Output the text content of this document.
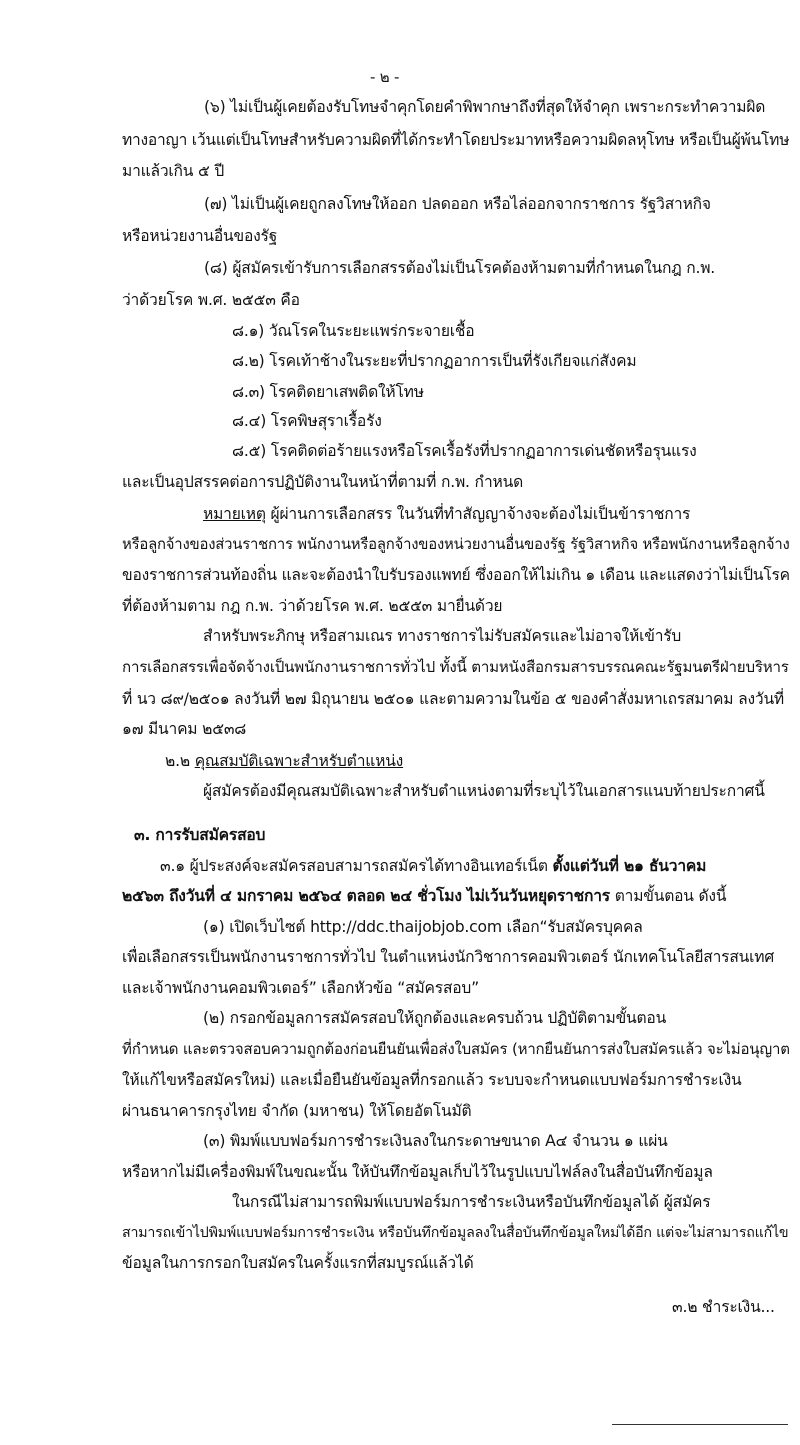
- ๒ -
(๖) ไม่เป็นผู้เคยต้องรับโทษจำคุกโดยคำพิพากษาถึงที่สุดให้จำคุก เพราะกระทำความผิด
ทางอาญา เว้นแต่เป็นโทษสำหรับความผิดที่ได้กระทำโดยประมาทหรือความผิดลหุโทษ หรือเป็นผู้พ้นโทษ
มาแล้วเกิน ๕ ปี
(๗) ไม่เป็นผู้เคยถูกลงโทษให้ออก ปลดออก หรือไล่ออกจากราชการ รัฐวิสาหกิจ
หรือหน่วยงานอื่นของรัฐ
(๘) ผู้สมัครเข้ารับการเลือกสรรต้องไม่เป็นโรคต้องห้ามตามที่กำหนดในกฎ ก.พ.
ว่าด้วยโรค พ.ศ. ๒๕๕๓ คือ
๘.๑) วัณโรคในระยะแพร่กระจายเชื้อ
๘.๒) โรคเท้าช้างในระยะที่ปรากฏอาการเป็นที่รังเกียจแก่สังคม
๘.๓) โรคติดยาเสพติดให้โทษ
๘.๔) โรคพิษสุราเรื้อรัง
๘.๕) โรคติดต่อร้ายแรงหรือโรคเรื้อรังที่ปรากฏอาการเด่นชัดหรือรุนแรง
และเป็นอุปสรรคต่อการปฏิบัติงานในหน้าที่ตามที่ ก.พ. กำหนด
หมายเหตุ ผู้ผ่านการเลือกสรร ในวันที่ทำสัญญาจ้างจะต้องไม่เป็นข้าราชการ
หรือลูกจ้างของส่วนราชการ พนักงานหรือลูกจ้างของหน่วยงานอื่นของรัฐ รัฐวิสาหกิจ หรือพนักงานหรือลูกจ้าง
ของราชการส่วนท้องถิ่น และจะต้องนำใบรับรองแพทย์ ซึ่งออกให้ไม่เกิน ๑ เดือน และแสดงว่าไม่เป็นโรค
ที่ต้องห้ามตาม กฎ ก.พ. ว่าด้วยโรค พ.ศ. ๒๕๕๓ มายื่นด้วย
สำหรับพระภิกษุ หรือสามเณร ทางราชการไม่รับสมัครและไม่อาจให้เข้ารับ
การเลือกสรรเพื่อจัดจ้างเป็นพนักงานราชการทั่วไป ทั้งนี้ ตามหนังสือกรมสารบรรณคณะรัฐมนตรีฝ่ายบริหาร
ที่ นว ๘๙/๒๕๐๑ ลงวันที่ ๒๗ มิถุนายน ๒๕๐๑ และตามความในข้อ ๕ ของคำสั่งมหาเถรสมาคม ลงวันที่
๑๗ มีนาคม ๒๕๓๘
๒.๒ คุณสมบัติเฉพาะสำหรับตำแหน่ง
ผู้สมัครต้องมีคุณสมบัติเฉพาะสำหรับตำแหน่งตามที่ระบุไว้ในเอกสารแนบท้ายประกาศนี้
๓. การรับสมัครสอบ
๓.๑ ผู้ประสงค์จะสมัครสอบสามารถสมัครได้ทางอินเทอร์เน็ต ตั้งแต่วันที่ ๒๑ ธันวาคม
๒๕๖๓ ถึงวันที่ ๔ มกราคม ๒๕๖๔ ตลอด ๒๔ ชั่วโมง ไม่เว้นวันหยุดราชการ ตามขั้นตอน ดังนี้
(๑) เปิดเว็บไซต์ http://ddc.thaijobjob.com เลือก“รับสมัครบุคคล
เพื่อเลือกสรรเป็นพนักงานราชการทั่วไป ในตำแหน่งนักวิชาการคอมพิวเตอร์ นักเทคโนโลยีสารสนเทศ
และเจ้าพนักงานคอมพิวเตอร์” เลือกหัวข้อ “สมัครสอบ”
(๒) กรอกข้อมูลการสมัครสอบให้ถูกต้องและครบถ้วน ปฏิบัติตามขั้นตอน
ที่กำหนด และตรวจสอบความถูกต้องก่อนยืนยันเพื่อส่งใบสมัคร (หากยืนยันการส่งใบสมัครแล้ว จะไม่อนุญาต
ให้แก้ไขหรือสมัครใหม่) และเมื่อยืนยันข้อมูลที่กรอกแล้ว ระบบจะกำหนดแบบฟอร์มการชำระเงิน
ผ่านธนาคารกรุงไทย จำกัด (มหาชน) ให้โดยอัตโนมัติ
(๓) พิมพ์แบบฟอร์มการชำระเงินลงในกระดาษขนาด A๔ จำนวน ๑ แผ่น
หรือหากไม่มีเครื่องพิมพ์ในขณะนั้น ให้บันทึกข้อมูลเก็บไว้ในรูปแบบไฟล์ลงในสื่อบันทึกข้อมูล
ในกรณีไม่สามารถพิมพ์แบบฟอร์มการชำระเงินหรือบันทึกข้อมูลได้ ผู้สมัคร
สามารถเข้าไปพิมพ์แบบฟอร์มการชำระเงิน หรือบันทึกข้อมูลลงในสื่อบันทึกข้อมูลใหม่ได้อีก แต่จะไม่สามารถแก้ไข
ข้อมูลในการกรอกใบสมัครในครั้งแรกที่สมบูรณ์แล้วได้
๓.๒ ชำระเงิน...
